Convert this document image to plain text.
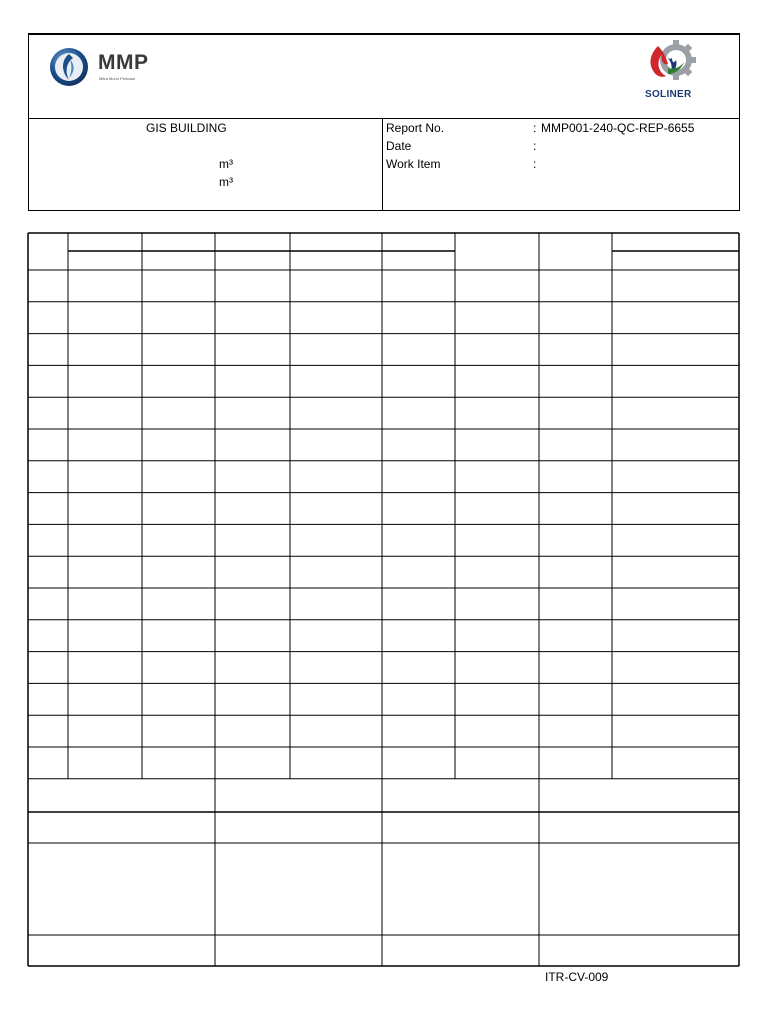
MMP
Mitra Murni Perkasa
SOLINER
GIS BUILDING
m³
m³
Report No.	: MMP001-240-QC-REP-6655
Date	:
Work Item	:
ITR-CV-009
